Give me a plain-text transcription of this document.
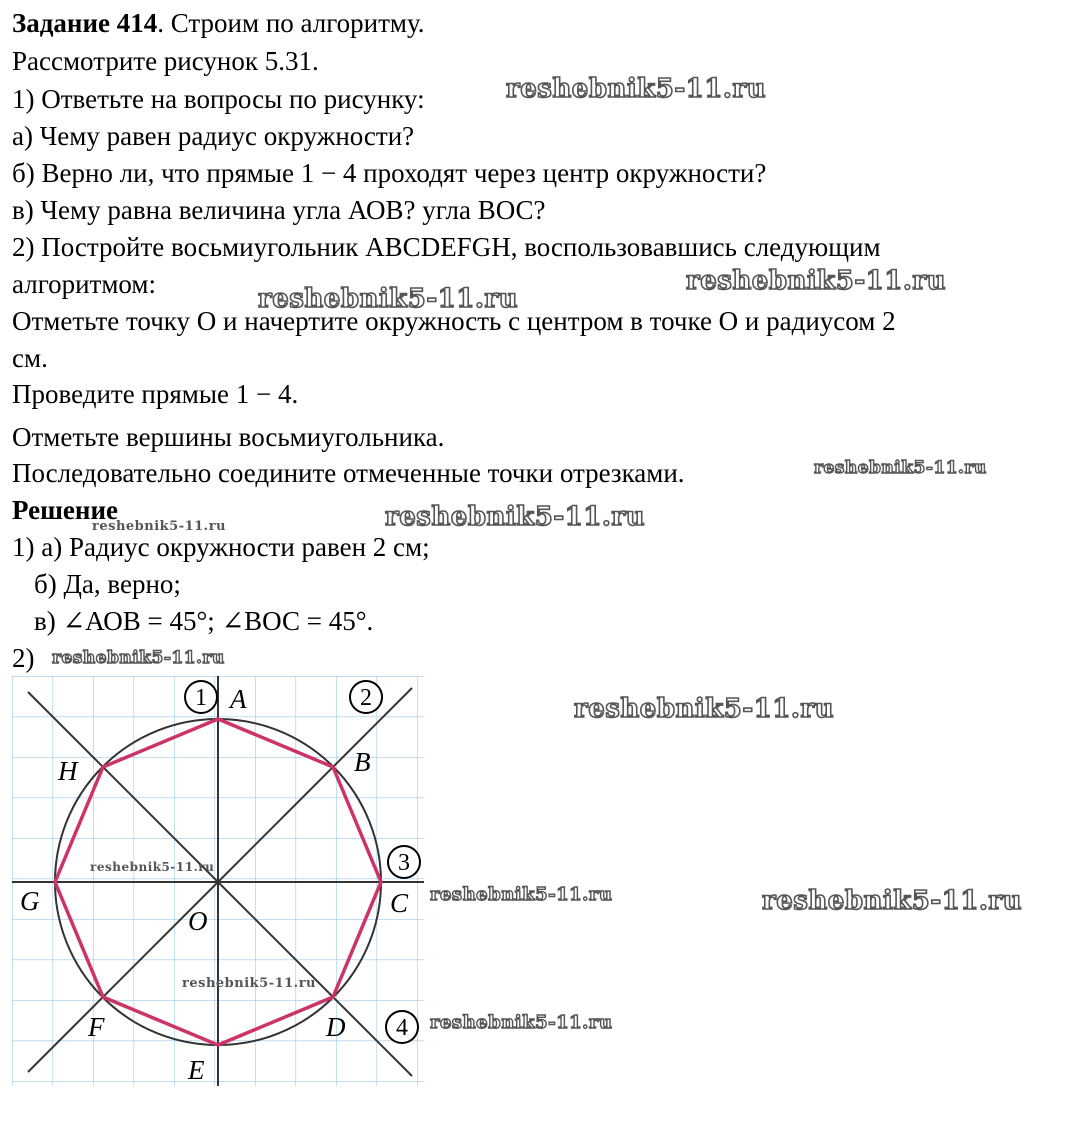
Задание 414. Строим по алгоритму.
Рассмотрите рисунок 5.31.
1) Ответьте на вопросы по рисунку:
а) Чему равен радиус окружности?
б) Верно ли, что прямые 1 − 4 проходят через центр окружности?
в) Чему равна величина угла АОВ? угла ВОС?
2) Постройте восьмиугольник ABCDEFGH, воспользовавшись следующим
алгоритмом:
Отметьте точку О и начертите окружность с центром в точке О и радиусом 2
см.
Проведите прямые 1 − 4.
Отметьте вершины восьмиугольника.
Последовательно соедините отмеченные точки отрезками.
Решение
1) а) Радиус окружности равен 2 см;
б) Да, верно;
в) ∠АОВ = 45°; ∠ВОС = 45°.
2)
A
B
C
D
E
F
G
H
O
1	2
3
4
reshebnik5-11.ru
reshebnik5-11.ru
reshebnik5-11.ru
reshebnik5-11.ru
reshebnik5-11.ru
reshebnik5-11.ru
reshebnik5-11.ru
reshebnik5-11.ru
reshebnik5-11.ru
reshebnik5-11.ru	reshebnik5-11.ru
reshebnik5-11.ru
reshebnik5-11.ru
